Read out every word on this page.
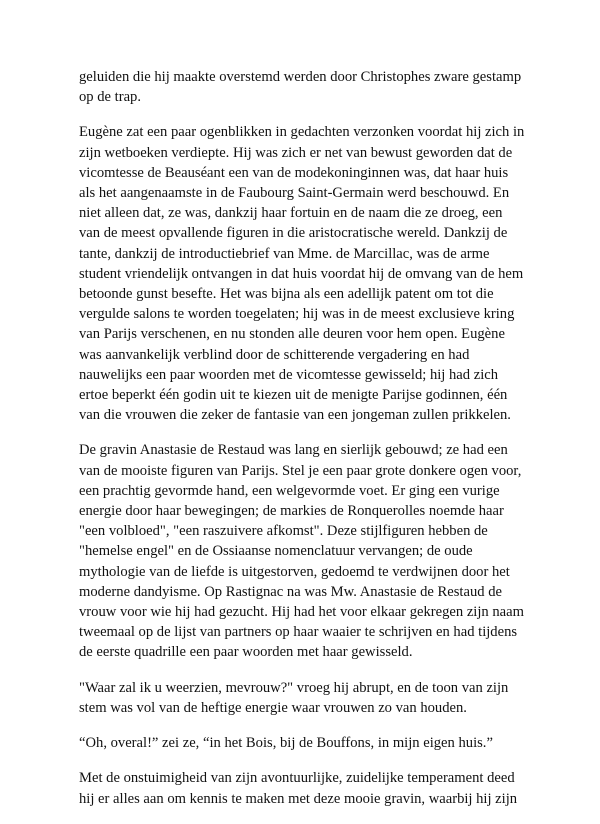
geluiden die hij maakte overstemd werden door Christophes zware gestamp
op de trap.

Eugène zat een paar ogenblikken in gedachten verzonken voordat hij zich in
zijn wetboeken verdiepte. Hij was zich er net van bewust geworden dat de
vicomtesse de Beauséant een van de modekoninginnen was, dat haar huis
als het aangenaamste in de Faubourg Saint-Germain werd beschouwd. En
niet alleen dat, ze was, dankzij haar fortuin en de naam die ze droeg, een
van de meest opvallende figuren in die aristocratische wereld. Dankzij de
tante, dankzij de introductiebrief van Mme. de Marcillac, was de arme
student vriendelijk ontvangen in dat huis voordat hij de omvang van de hem
betoonde gunst besefte. Het was bijna als een adellijk patent om tot die
vergulde salons te worden toegelaten; hij was in de meest exclusieve kring
van Parijs verschenen, en nu stonden alle deuren voor hem open. Eugène
was aanvankelijk verblind door de schitterende vergadering en had
nauwelijks een paar woorden met de vicomtesse gewisseld; hij had zich
ertoe beperkt één godin uit te kiezen uit de menigte Parijse godinnen, één
van die vrouwen die zeker de fantasie van een jongeman zullen prikkelen.

De gravin Anastasie de Restaud was lang en sierlijk gebouwd; ze had een
van de mooiste figuren van Parijs. Stel je een paar grote donkere ogen voor,
een prachtig gevormde hand, een welgevormde voet. Er ging een vurige
energie door haar bewegingen; de markies de Ronquerolles noemde haar
"een volbloed", "een raszuivere afkomst". Deze stijlfiguren hebben de
"hemelse engel" en de Ossiaanse nomenclatuur vervangen; de oude
mythologie van de liefde is uitgestorven, gedoemd te verdwijnen door het
moderne dandyisme. Op Rastignac na was Mw. Anastasie de Restaud de
vrouw voor wie hij had gezucht. Hij had het voor elkaar gekregen zijn naam
tweemaal op de lijst van partners op haar waaier te schrijven en had tijdens
de eerste quadrille een paar woorden met haar gewisseld.

"Waar zal ik u weerzien, mevrouw?" vroeg hij abrupt, en de toon van zijn
stem was vol van de heftige energie waar vrouwen zo van houden.

“Oh, overal!” zei ze, “in het Bois, bij de Bouffons, in mijn eigen huis.”

Met de onstuimigheid van zijn avontuurlijke, zuidelijke temperament deed
hij er alles aan om kennis te maken met deze mooie gravin, waarbij hij zijn
